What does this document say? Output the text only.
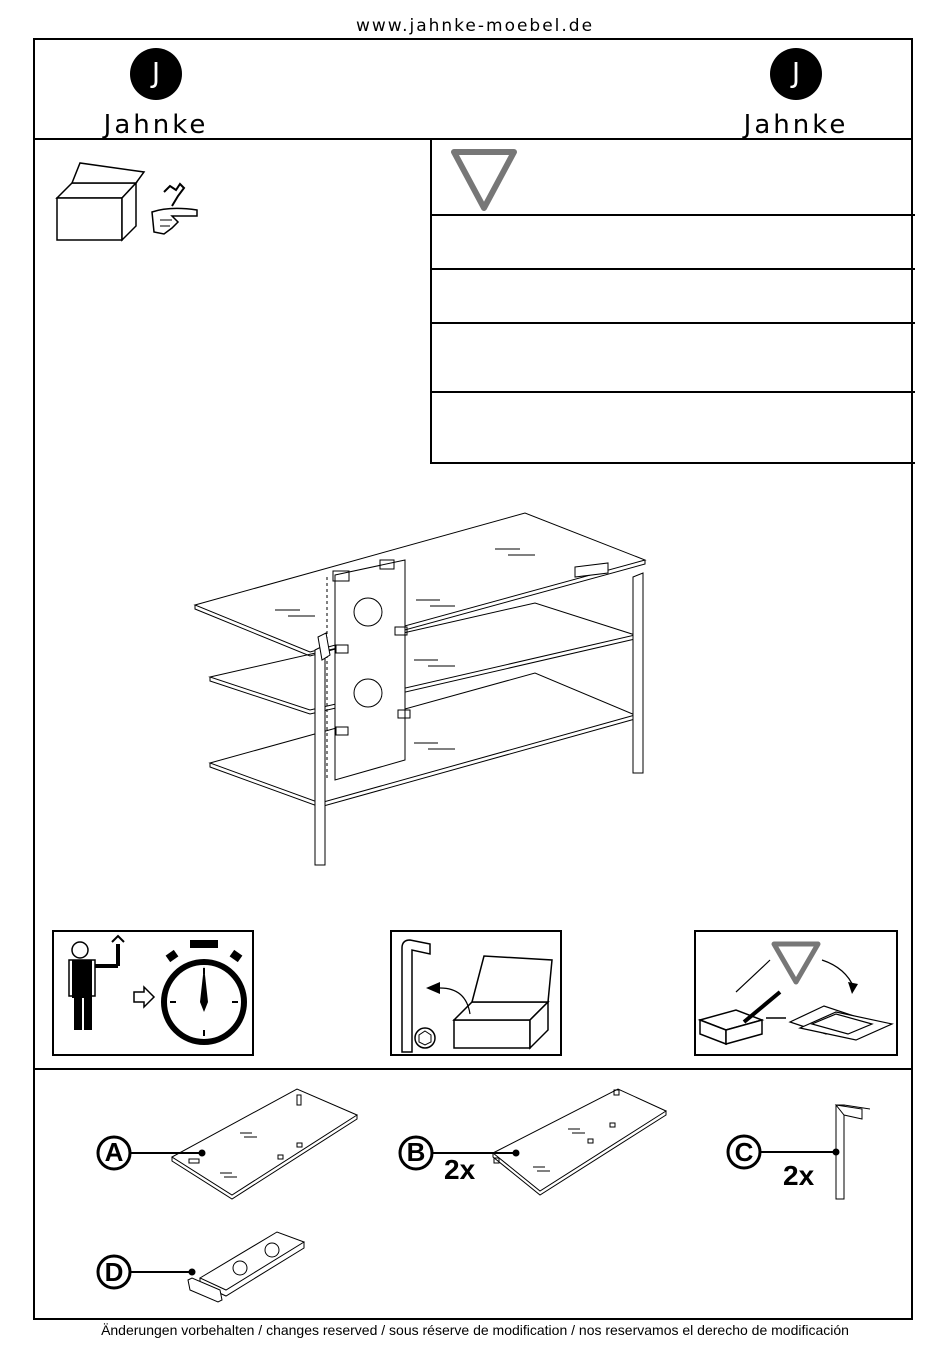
www.jahnke-moebel.de
J
Jahnke
J
Jahnke
A	B
2x
C
2x
D
Änderungen vorbehalten / changes reserved / sous réserve de modification / nos reservamos el derecho de modificación
